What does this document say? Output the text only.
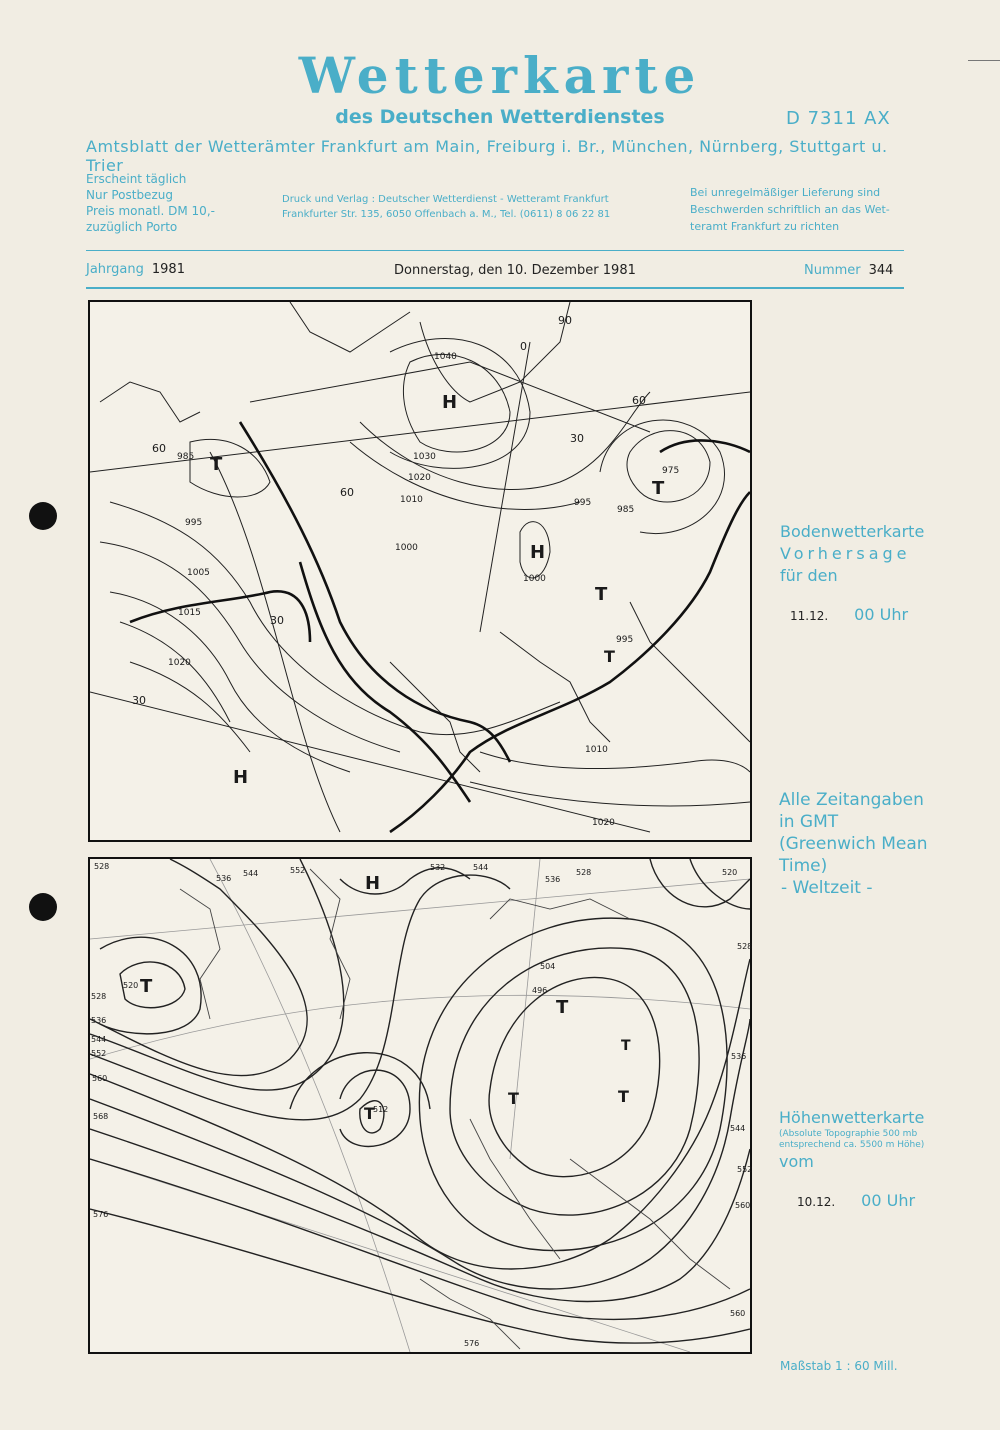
Wetterkarte
des Deutschen Wetterdienstes	D 7311 AX
Amtsblatt der Wetterämter Frankfurt am Main, Freiburg i. Br., München, Nürnberg, Stuttgart u. Trier
Erscheint täglich
Nur Postbezug
Preis monatl. DM 10,-
zuzüglich Porto
Druck und Verlag : Deutscher Wetterdienst - Wetteramt Frankfurt
Frankfurter Str. 135, 6050 Offenbach a. M., Tel. (0611) 8 06 22 81
Bei unregelmäßiger Lieferung sind
Beschwerden schriftlich an das Wet-
teramt Frankfurt zu richten
Jahrgang 1981	Donnerstag, den 10. Dezember 1981	Nummer 344
985
995
1005
1015
1020
1040
1030
1020
1010
1000
1000
975
995
985
995
1010
1020
T
H
H
T
T
T
H
60
60
30
30
30
0
90
60
Bodenwetterkarte
Vorhersage
für den
11.12. 00 Uhr
Alle Zeitangaben
in GMT
(Greenwich Mean
Time)
- Weltzeit -
528
536
544	552	532	544
536
528	520
528
520
528
536
544
552
560
568
576
504
496
512
536
544
552
560
560
576
T
H
T
T
T	T
T
Höhenwetterkarte
(Absolute Topographie 500 mb
entsprechend ca. 5500 m Höhe)
vom
10.12. 00 Uhr
Maßstab 1 : 60 Mill.
